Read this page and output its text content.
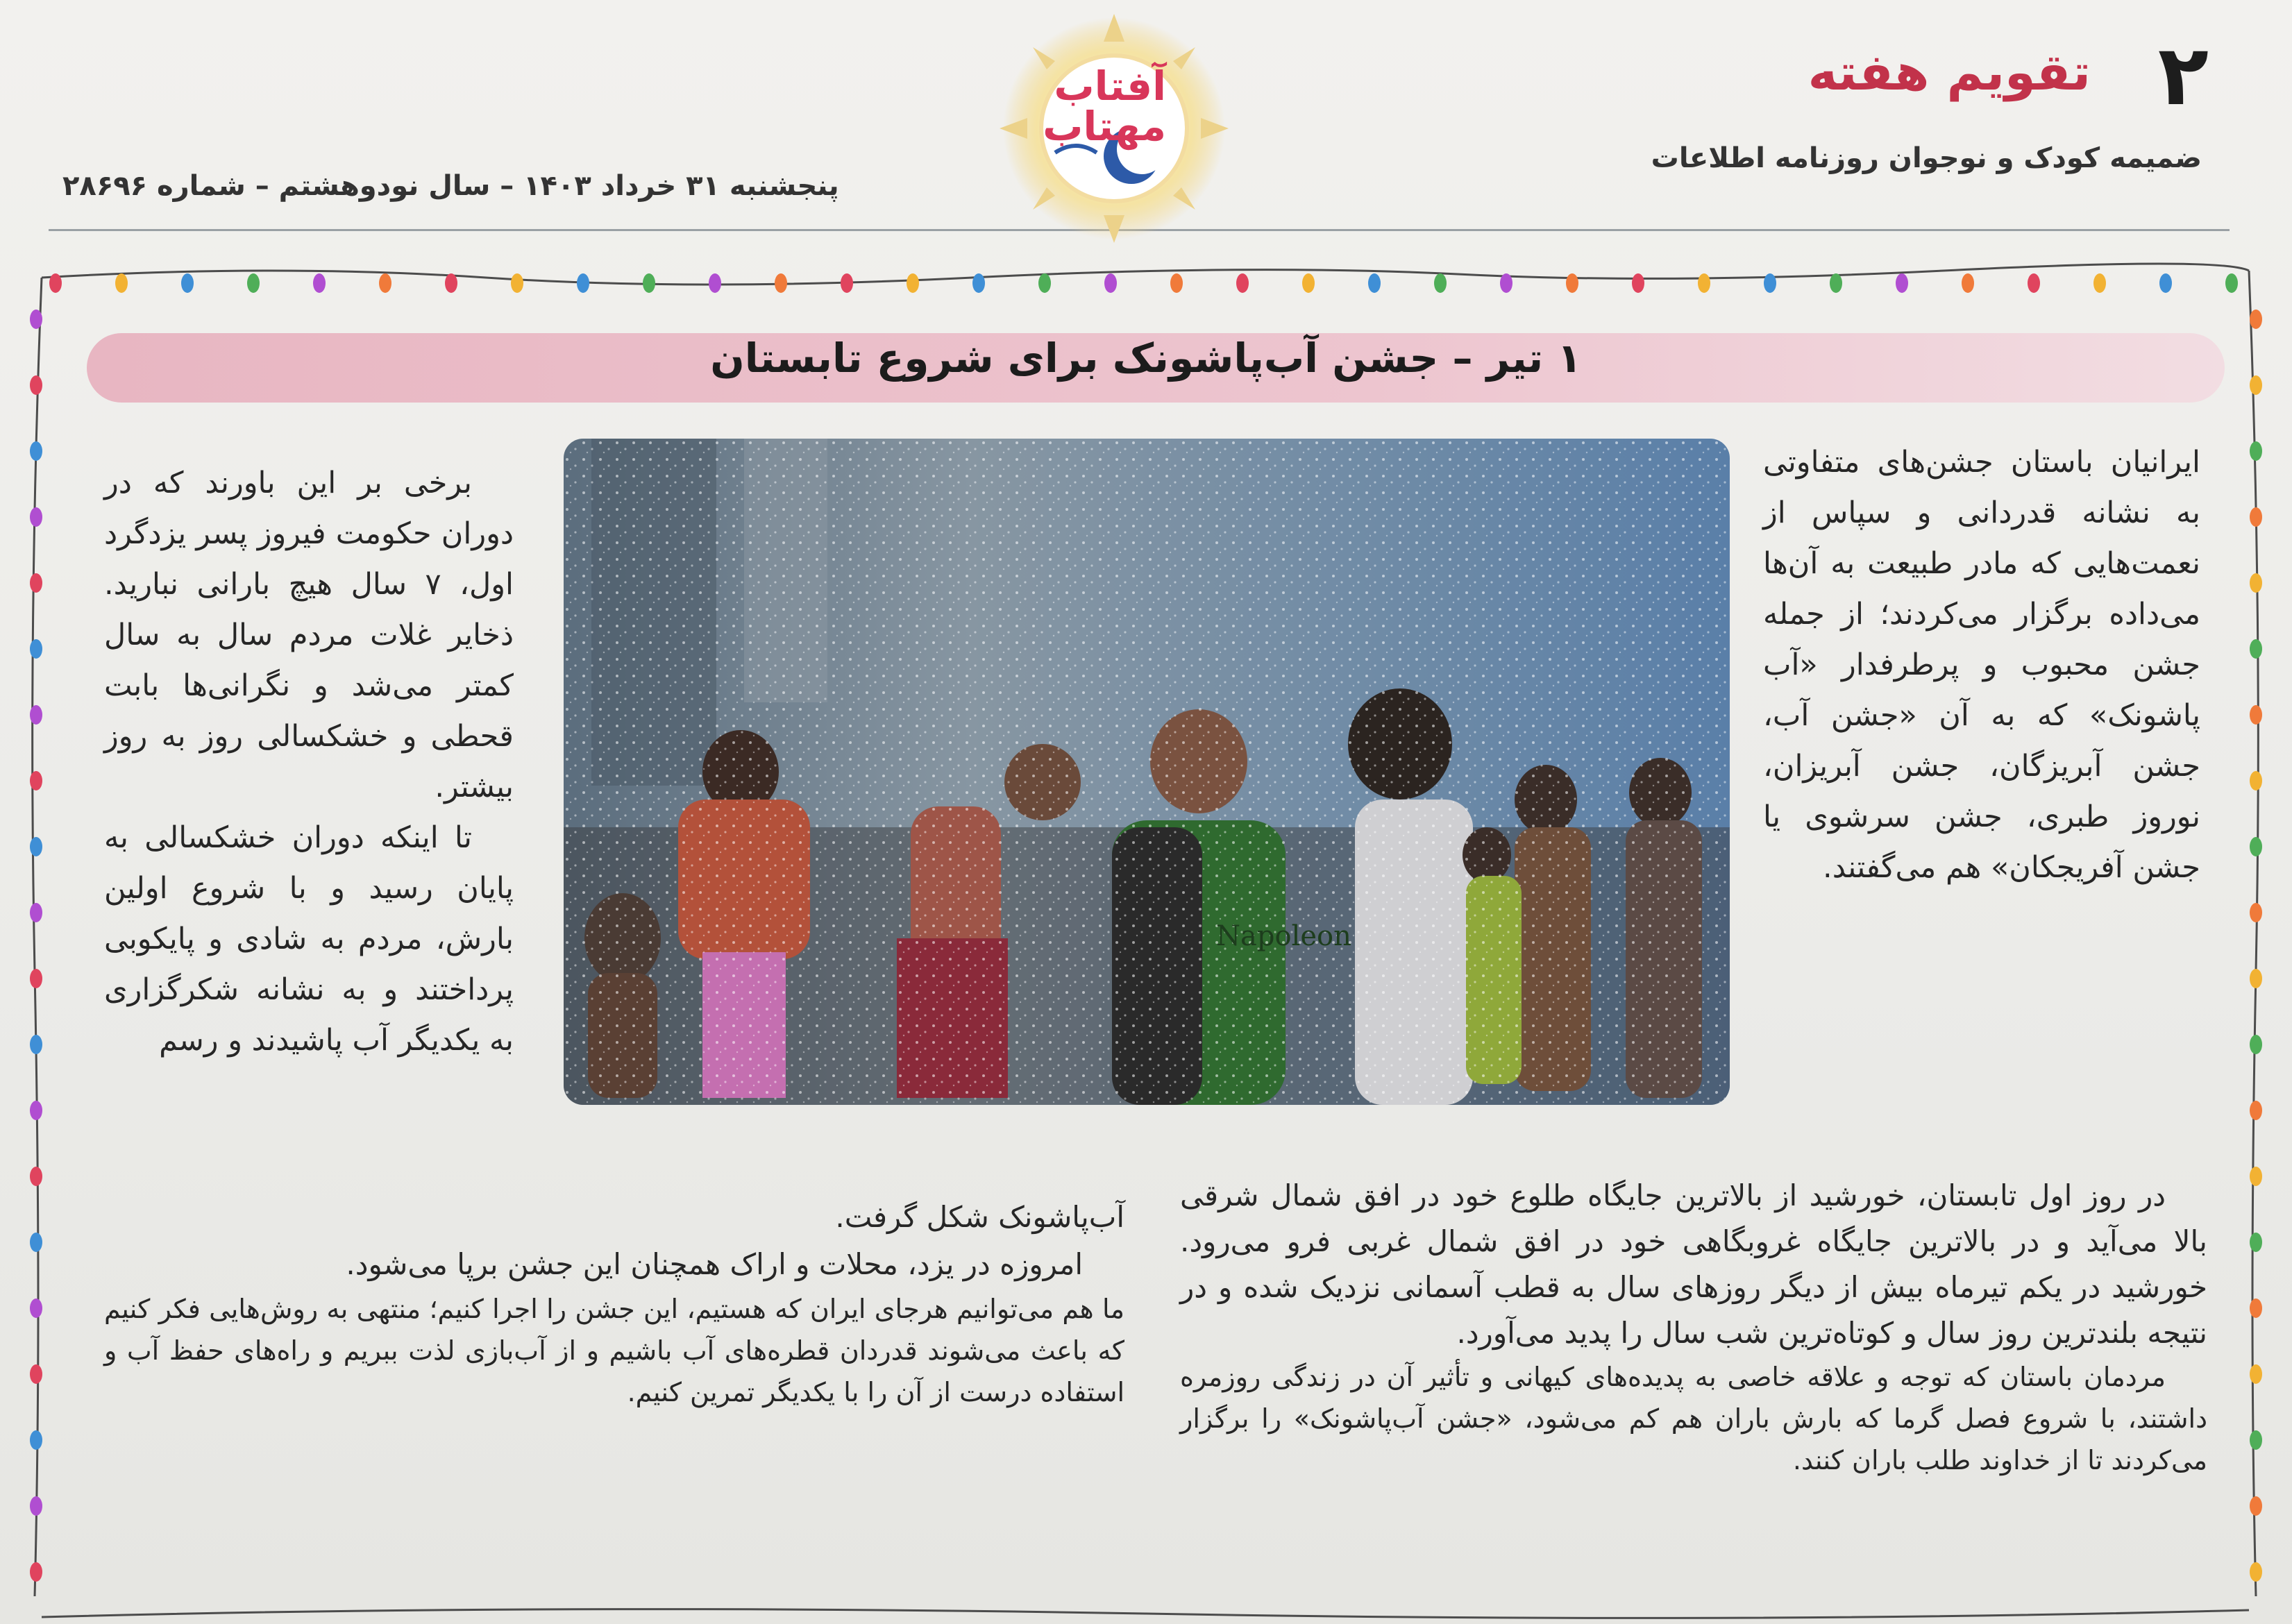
۲
تقویم هفته
ضمیمه کودک و نوجوان روزنامه اطلاعات
پنجشنبه ۳۱ خرداد ۱۴۰۳ – سال نودوهشتم – شماره ۲۸۶۹۶
آفتاب مهتاب
۱ تیر – جشن آب‌پاشونک برای شروع تابستان
Napoleon

ایرانیان باستان جشن‌های متفاوتی به نشانه قدردانی و سپاس از نعمت‌هایی که مادر طبیعت به آن‌ها می‌داده برگزار می‌کردند؛ از جمله جشن محبوب و پرطرفدار «آب پاشونک» که به آن «جشن آب، جشن آبریزگان، جشن آبریزان، نوروز طبری، جشن سرشوی یا جشن آفریجکان» هم می‌گفتند.

برخی بر این باورند که در دوران حکومت فیروز پسر یزدگرد اول، ۷ سال هیچ بارانی نبارید. ذخایر غلات مردم سال به سال کمتر می‌شد و نگرانی‌ها بابت قحطی و خشکسالی روز به روز بیشتر.

تا اینکه دوران خشکسالی به پایان رسید و با شروع اولین بارش، مردم به شادی و پایکوبی پرداختند و به نشانه شکرگزاری به یکدیگر آب پاشیدند و رسم

در روز اول تابستان، خورشید از بالاترین جایگاه طلوع خود در افق شمال شرقی بالا می‌آید و در بالاترین جایگاه غروبگاهی خود در افق شمال غربی فرو می‌رود. خورشید در یکم تیرماه بیش از دیگر روزهای سال به قطب آسمانی نزدیک شده و در نتیجه بلندترین روز سال و کوتاه‌ترین شب سال را پدید می‌آورد.

مردمان باستان که توجه و علاقه خاصی به پدیده‌های کیهانی و تأثیر آن در زندگی روزمره داشتند، با شروع فصل گرما که بارش باران هم کم می‌شود، «جشن آب‌پاشونک» را برگزار می‌کردند تا از خداوند طلب باران کنند.

آب‌پاشونک شکل گرفت.

امروزه در یزد، محلات و اراک همچنان این جشن برپا می‌شود.

ما هم می‌توانیم هرجای ایران که هستیم، این جشن را اجرا کنیم؛ منتهی به روش‌هایی فکر کنیم که باعث می‌شوند قدردان قطره‌های آب باشیم و از آب‌بازی لذت ببریم و راه‌های حفظ آب و استفاده درست از آن را با یکدیگر تمرین کنیم.
